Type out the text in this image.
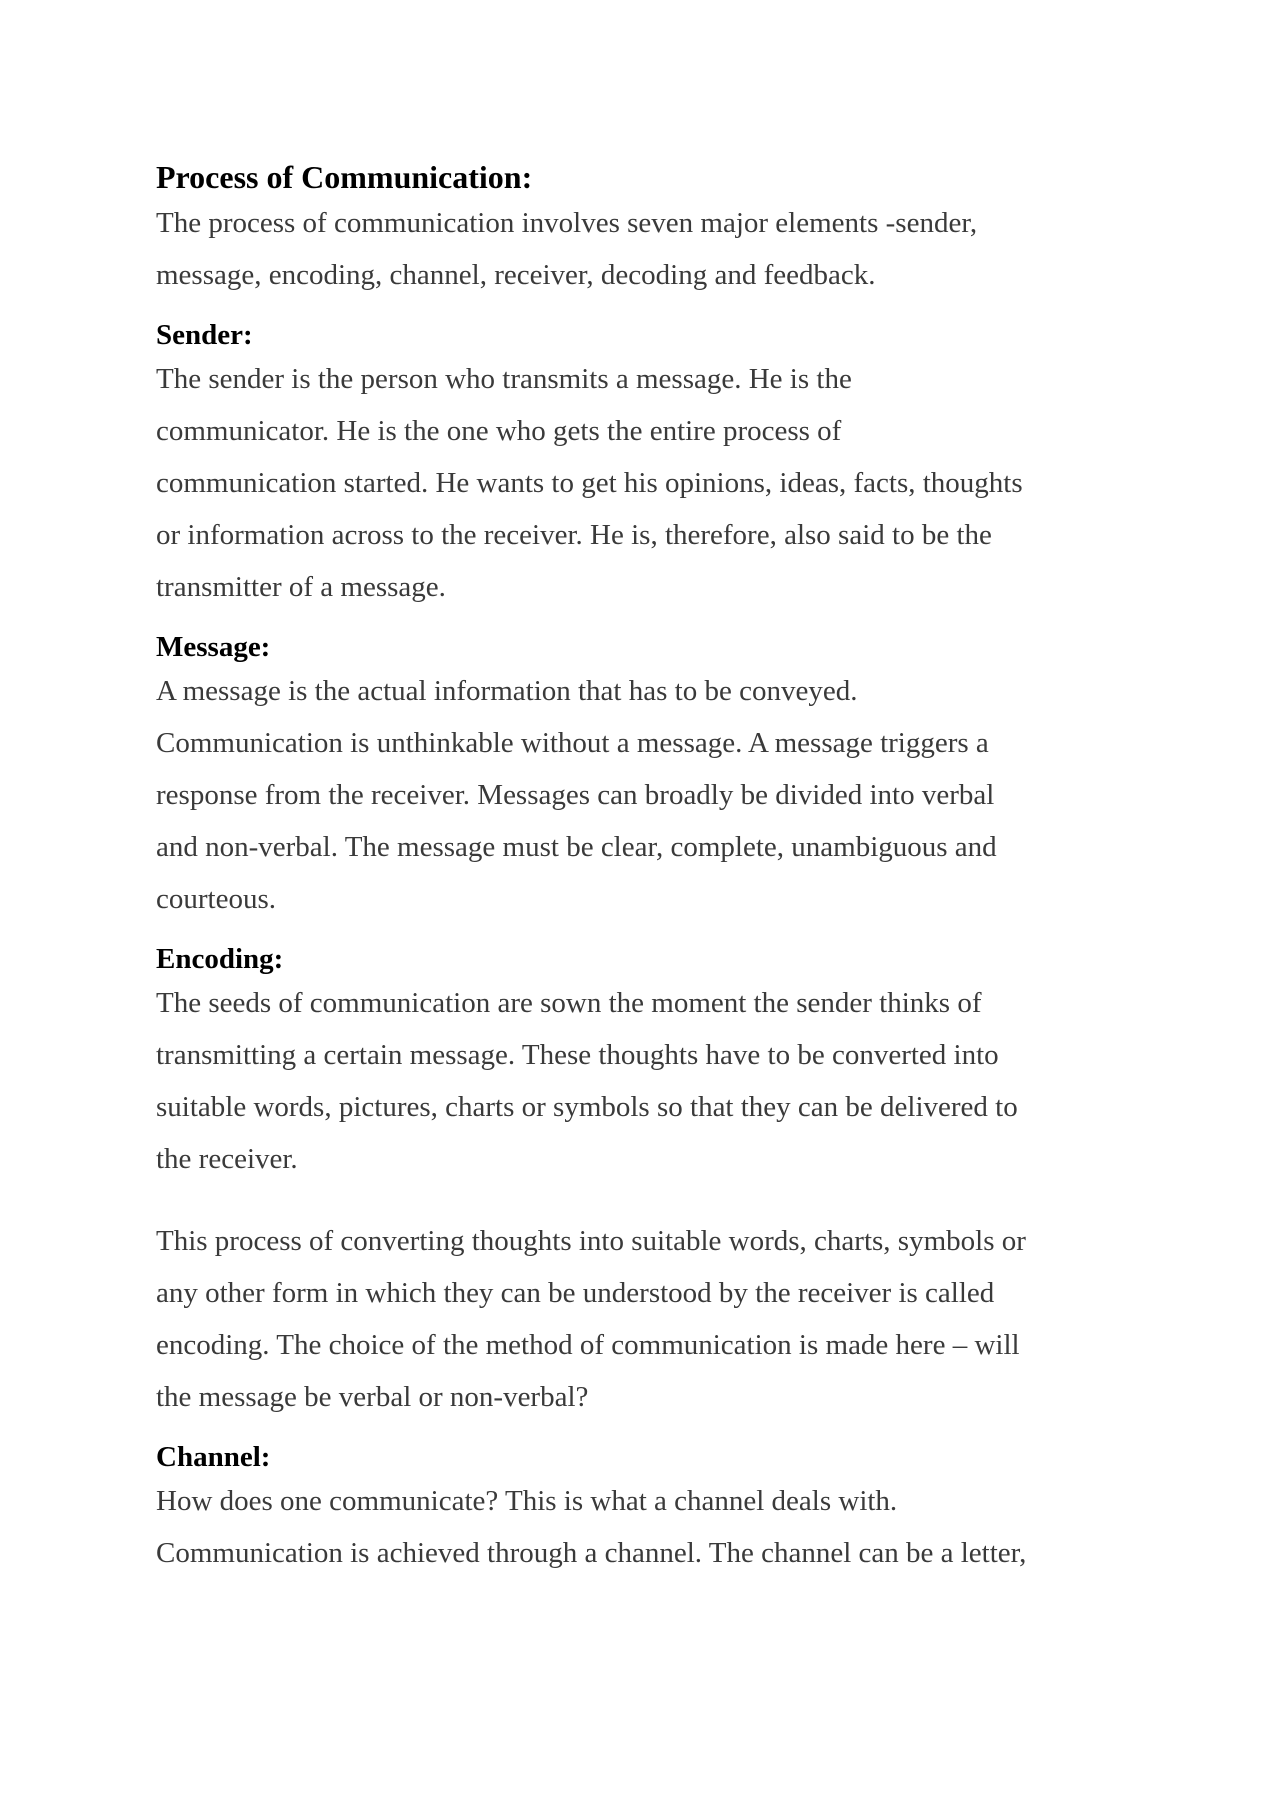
Process of Communication:

The process of communication involves seven major elements -sender,
message, encoding, channel, receiver, decoding and feedback.

Sender:

The sender is the person who transmits a message. He is the
communicator. He is the one who gets the entire process of
communication started. He wants to get his opinions, ideas, facts, thoughts
or information across to the receiver. He is, therefore, also said to be the
transmitter of a message.

Message:

A message is the actual information that has to be conveyed.
Communication is unthinkable without a message. A message triggers a
response from the receiver. Messages can broadly be divided into verbal
and non-verbal. The message must be clear, complete, unambiguous and
courteous.

Encoding:

The seeds of communication are sown the moment the sender thinks of
transmitting a certain message. These thoughts have to be converted into
suitable words, pictures, charts or symbols so that they can be delivered to
the receiver.

This process of converting thoughts into suitable words, charts, symbols or
any other form in which they can be understood by the receiver is called
encoding. The choice of the method of communication is made here – will
the message be verbal or non-verbal?

Channel:

How does one communicate? This is what a channel deals with.
Communication is achieved through a channel. The channel can be a letter,
